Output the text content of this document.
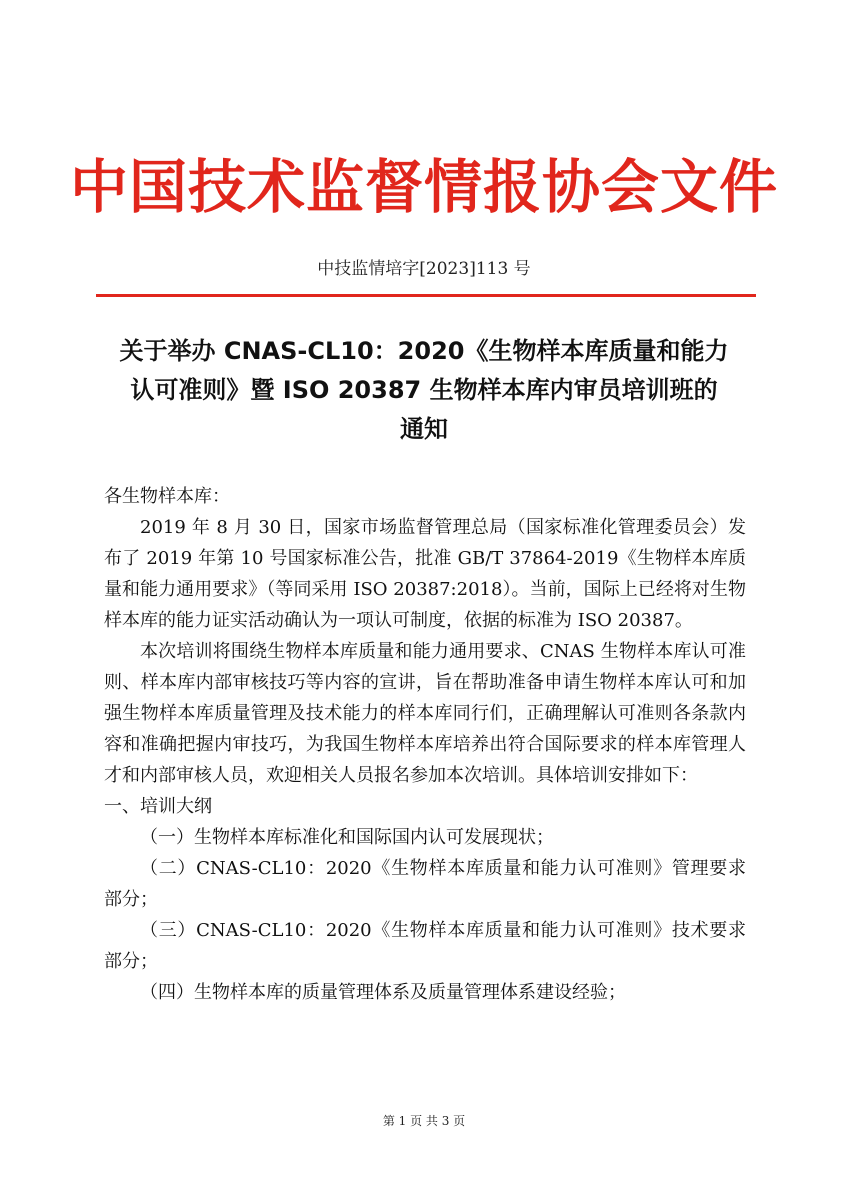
中国技术监督情报协会文件
中技监情培字[2023]113 号
关于举办 CNAS-CL10：2020《生物样本库质量和能力
认可准则》暨 ISO 20387 生物样本库内审员培训班的
通知

各生物样本库：

2019 年 8 月 30 日，国家市场监督管理总局（国家标准化管理委员会）发布了 2019 年第 10 号国家标准公告，批准 GB/T 37864-2019《生物样本库质量和能力通用要求》（等同采用 ISO 20387:2018）。当前，国际上已经将对生物样本库的能力证实活动确认为一项认可制度，依据的标准为 ISO 20387。

本次培训将围绕生物样本库质量和能力通用要求、CNAS 生物样本库认可准则、样本库内部审核技巧等内容的宣讲，旨在帮助准备申请生物样本库认可和加强生物样本库质量管理及技术能力的样本库同行们，正确理解认可准则各条款内容和准确把握内审技巧，为我国生物样本库培养出符合国际要求的样本库管理人才和内部审核人员，欢迎相关人员报名参加本次培训。具体培训安排如下：

一、培训大纲

（一）生物样本库标准化和国际国内认可发展现状；

（二）CNAS-CL10：2020《生物样本库质量和能力认可准则》管理要求部分；

（三）CNAS-CL10：2020《生物样本库质量和能力认可准则》技术要求部分；

（四）生物样本库的质量管理体系及质量管理体系建设经验；

第 1 页 共 3 页
